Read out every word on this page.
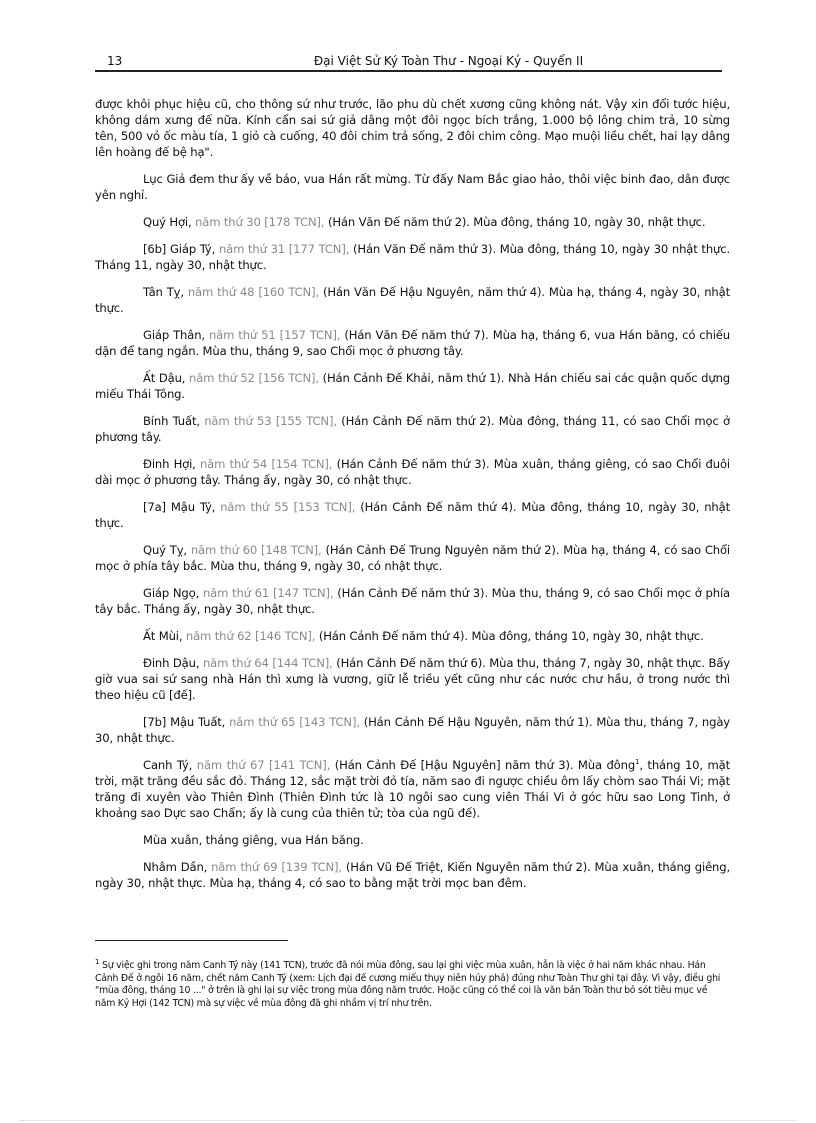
13	Đại Việt Sử Ký Toàn Thư - Ngoại Kỷ - Quyển II

được khôi phục hiệu cũ, cho thông sứ như trước, lão phu dù chết xương cũng không nát. Vậy xin đổi tước hiệu, không dám xưng đế nữa. Kính cẩn sai sứ giả dâng một đôi ngọc bích trắng, 1.000 bộ lông chim trả, 10 sừng tên, 500 vỏ ốc màu tía, 1 giỏ cà cuống, 40 đôi chim trả sống, 2 đôi chim công. Mạo muội liều chết, hai lạy dâng lên hoàng đế bệ hạ".

Lục Giả đem thư ấy về báo, vua Hán rất mừng. Từ đấy Nam Bắc giao hảo, thôi việc binh đao, dân được yên nghỉ.

Quý Hợi, năm thứ 30 [178 TCN], (Hán Văn Đế năm thứ 2). Mùa đông, tháng 10, ngày 30, nhật thực.

[6b] Giáp Tý, năm thứ 31 [177 TCN], (Hán Văn Đế năm thứ 3). Mùa đông, tháng 10, ngày 30 nhật thực. Tháng 11, ngày 30, nhật thực.

Tân Tỵ, năm thứ 48 [160 TCN], (Hán Văn Đế Hậu Nguyên, năm thứ 4). Mùa hạ, tháng 4, ngày 30, nhật thực.

Giáp Thân, năm thứ 51 [157 TCN], (Hán Văn Đế năm thứ 7). Mùa hạ, tháng 6, vua Hán băng, có chiếu dặn để tang ngắn. Mùa thu, tháng 9, sao Chổi mọc ở phương tây.

Ất Dậu, năm thứ 52 [156 TCN], (Hán Cảnh Đế Khải, năm thứ 1). Nhà Hán chiếu sai các quận quốc dựng miếu Thái Tông.

Bính Tuất, năm thứ 53 [155 TCN], (Hán Cảnh Đế năm thứ 2). Mùa đông, tháng 11, có sao Chổi mọc ở phương tây.

Đinh Hợi, năm thứ 54 [154 TCN], (Hán Cảnh Đế năm thứ 3). Mùa xuân, tháng giêng, có sao Chổi đuôi dài mọc ở phương tây. Tháng ấy, ngày 30, có nhật thực.

[7a] Mậu Tý, năm thứ 55 [153 TCN], (Hán Cảnh Đế năm thứ 4). Mùa đông, tháng 10, ngày 30, nhật thực.

Quý Tỵ, năm thứ 60 [148 TCN], (Hán Cảnh Đế Trung Nguyên năm thứ 2). Mùa hạ, tháng 4, có sao Chổi mọc ở phía tây bắc. Mùa thu, tháng 9, ngày 30, có nhật thực.

Giáp Ngọ, năm thứ 61 [147 TCN], (Hán Cảnh Đế năm thứ 3). Mùa thu, tháng 9, có sao Chổi mọc ở phía tây bắc. Tháng ấy, ngày 30, nhật thực.

Ất Mùi, năm thứ 62 [146 TCN], (Hán Cảnh Đế năm thứ 4). Mùa đông, tháng 10, ngày 30, nhật thực.

Đinh Dậu, năm thứ 64 [144 TCN], (Hán Cảnh Đế năm thứ 6). Mùa thu, tháng 7, ngày 30, nhật thực. Bấy giờ vua sai sứ sang nhà Hán thì xưng là vương, giữ lễ triều yết cũng như các nước chư hầu, ở trong nước thì theo hiệu cũ [đế].

[7b] Mậu Tuất, năm thứ 65 [143 TCN], (Hán Cảnh Đế Hậu Nguyên, năm thứ 1). Mùa thu, tháng 7, ngày 30, nhật thực.

Canh Tý, năm thứ 67 [141 TCN], (Hán Cảnh Đế [Hậu Nguyên] năm thứ 3). Mùa đông$^1$, tháng 10, mặt trời, mặt trăng đều sắc đỏ. Tháng 12, sắc mặt trời đỏ tía, năm sao đi ngược chiều ôm lấy chòm sao Thái Vi; mặt trăng đi xuyên vào Thiên Đình (Thiên Đình tức là 10 ngôi sao cung viên Thái Vi ở góc hữu sao Long Tinh, ở khoảng sao Dực sao Chẩn; ấy là cung của thiên tử; tòa của ngũ đế).

Mùa xuân, tháng giêng, vua Hán băng.

Nhâm Dần, năm thứ 69 [139 TCN], (Hán Vũ Đế Triệt, Kiến Nguyên năm thứ 2). Mùa xuân, tháng giêng, ngày 30, nhật thực. Mùa hạ, tháng 4, có sao to bằng mặt trời mọc ban đêm.

$^1$ Sự việc ghi trong năm Canh Tý này (141 TCN), trước đã nói mùa đông, sau lại ghi việc mùa xuân, hẳn là việc ở hai năm khác nhau. Hán Cảnh Đế ở ngôi 16 năm, chết năm Canh Tý (xem: Lịch đại đế cương miếu thụy niên húy phả) đúng như Toàn Thư ghi tại đây. Vì vậy, điều ghi "mùa đông, tháng 10 ..." ở trên là ghi lại sự việc trong mùa đông năm trước. Hoặc cũng có thể coi là văn bản Toàn thư bỏ sót tiêu mục về năm Kỷ Hợi (142 TCN) mà sự việc về mùa đông đã ghi nhầm vị trí như trên.
